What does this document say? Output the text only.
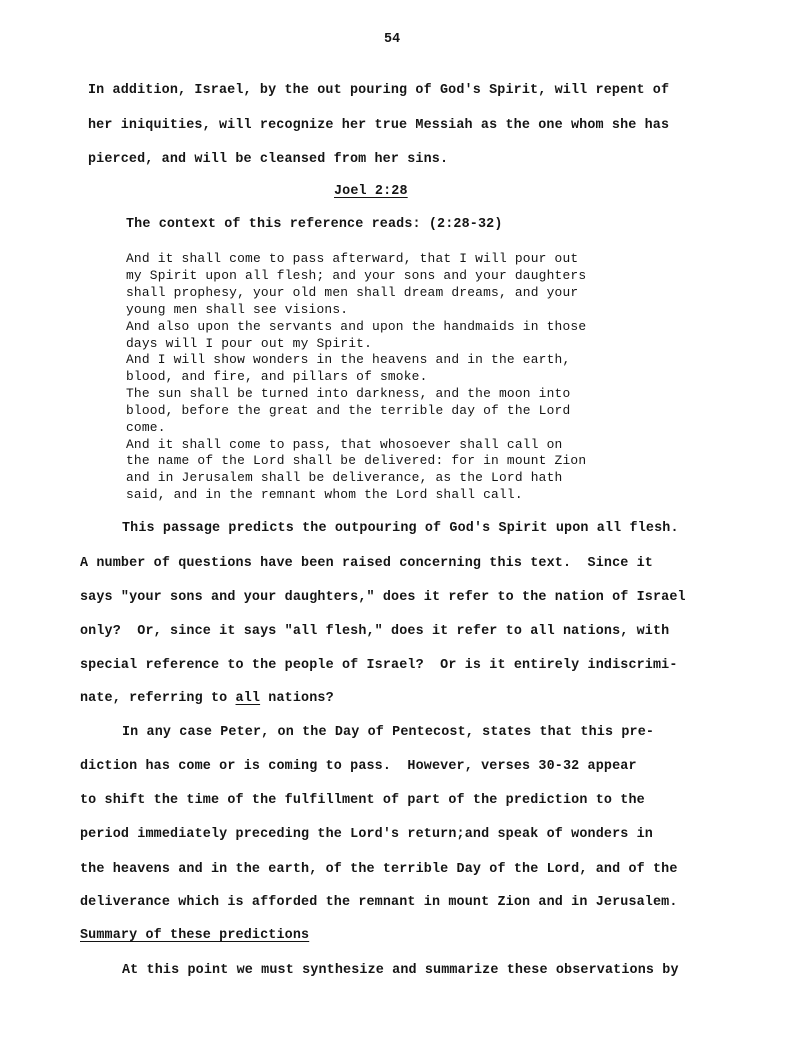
54
In addition, Israel, by the out pouring of God's Spirit, will repent of
her iniquities, will recognize her true Messiah as the one whom she has
pierced, and will be cleansed from her sins.
Joel 2:28
The context of this reference reads: (2:28-32)
And it shall come to pass afterward, that I will pour out
my Spirit upon all flesh; and your sons and your daughters
shall prophesy, your old men shall dream dreams, and your
young men shall see visions.
And also upon the servants and upon the handmaids in those
days will I pour out my Spirit.
And I will show wonders in the heavens and in the earth,
blood, and fire, and pillars of smoke.
The sun shall be turned into darkness, and the moon into
blood, before the great and the terrible day of the Lord
come.
And it shall come to pass, that whosoever shall call on
the name of the Lord shall be delivered: for in mount Zion
and in Jerusalem shall be deliverance, as the Lord hath
said, and in the remnant whom the Lord shall call.
This passage predicts the outpouring of God's Spirit upon all flesh.
A number of questions have been raised concerning this text.  Since it
says "your sons and your daughters," does it refer to the nation of Israel
only?  Or, since it says "all flesh," does it refer to all nations, with
special reference to the people of Israel?  Or is it entirely indiscrimi-
nate, referring to all nations?
In any case Peter, on the Day of Pentecost, states that this pre-
diction has come or is coming to pass.  However, verses 30-32 appear
to shift the time of the fulfillment of part of the prediction to the
period immediately preceding the Lord's return;and speak of wonders in
the heavens and in the earth, of the terrible Day of the Lord, and of the
deliverance which is afforded the remnant in mount Zion and in Jerusalem.
Summary of these predictions
At this point we must synthesize and summarize these observations by
